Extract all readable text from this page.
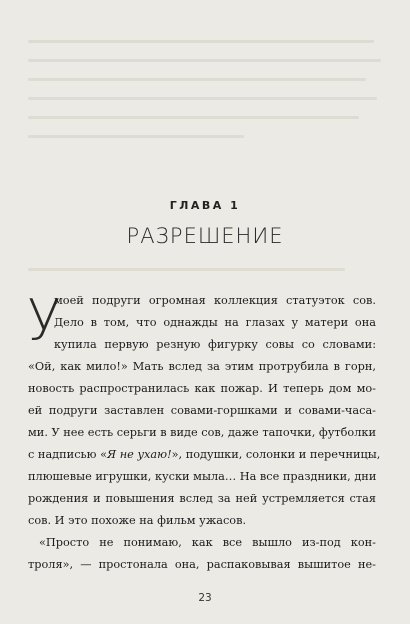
ГЛАВА 1
РАЗРЕШЕНИЕ
У
моей подруги огромная коллекция статуэток сов.
Дело в том, что однажды на глазах у матери она
купила первую резную фигурку совы со словами:
«Ой, как мило!» Мать вслед за этим протрубила в горн,
новость распространилась как пожар. И теперь дом мо-
ей подруги заставлен совами-горшками и совами-часа-
ми. У нее есть серьги в виде сов, даже тапочки, футболки
с надписью «Я не ухаю!», подушки, солонки и перечницы,
плюшевые игрушки, куски мыла… На все праздники, дни
рождения и повышения вслед за ней устремляется стая
сов. И это похоже на фильм ужасов.
«Просто не понимаю, как все вышло из-под кон-
троля», — простонала она, распаковывая вышитое не-
23
